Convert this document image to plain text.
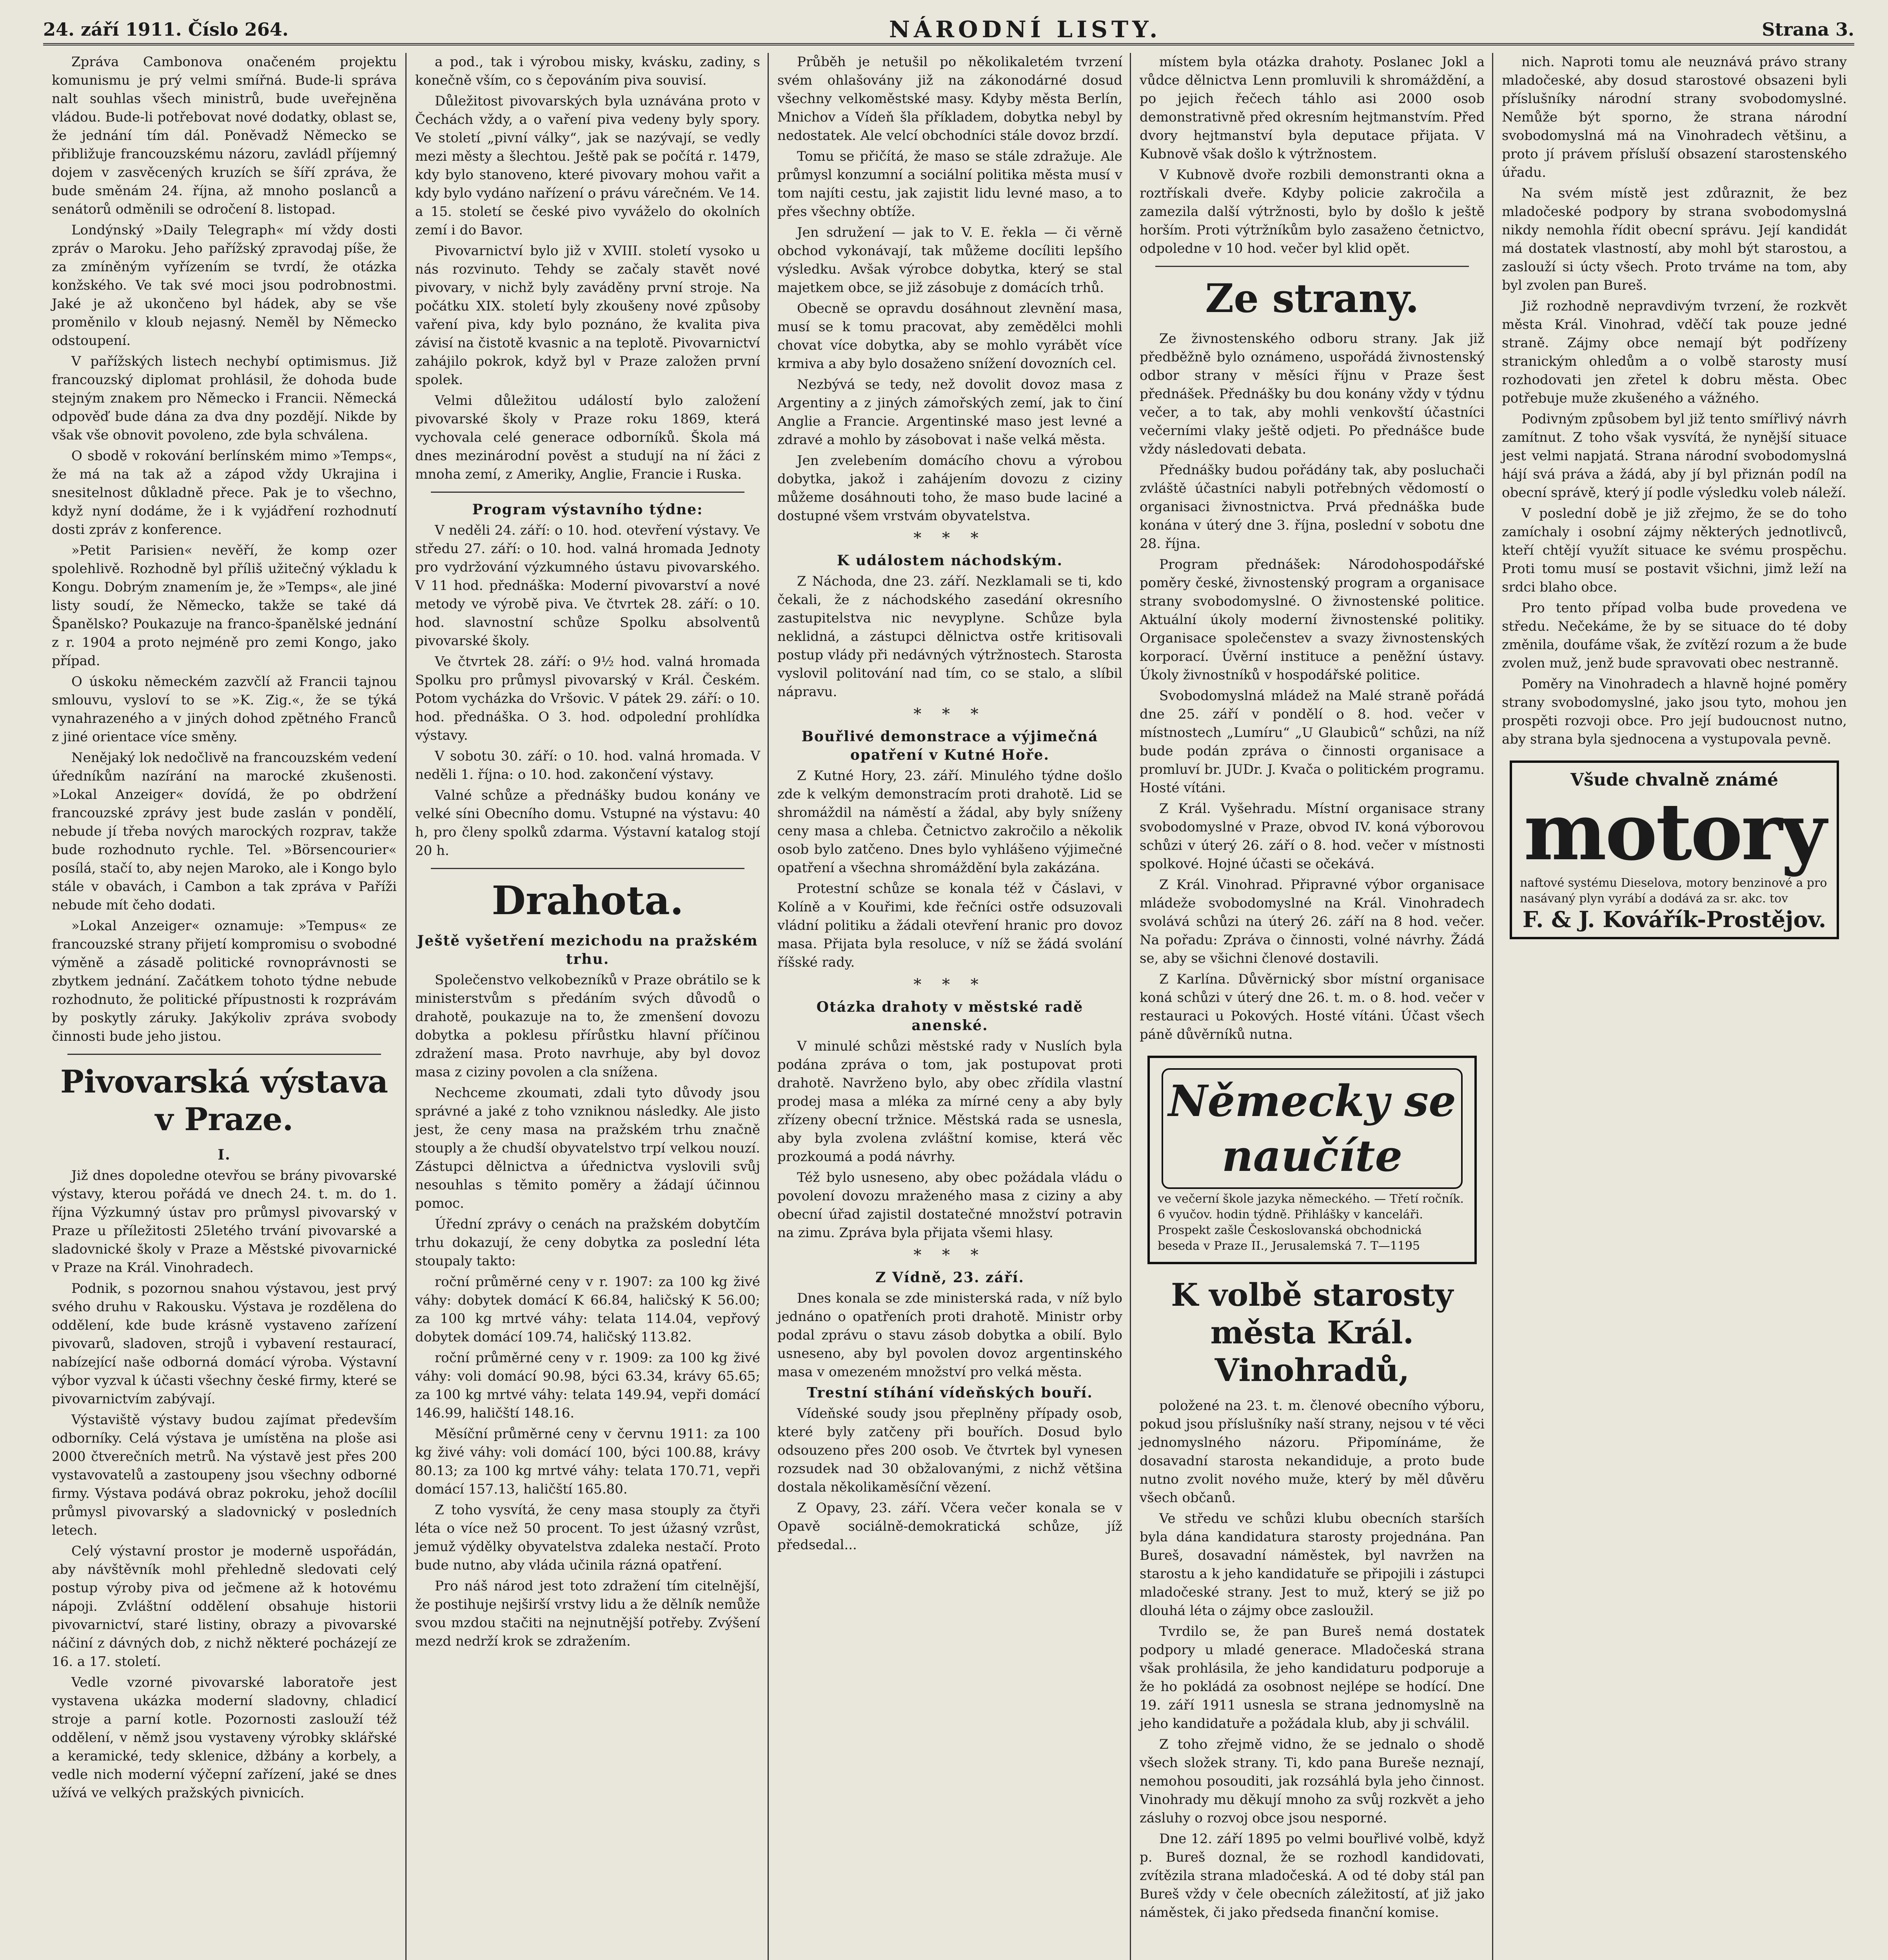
24. září 1911. Číslo 264.	NÁRODNÍ LISTY.	Strana 3.

Zpráva Cambonova onačeném projektu komunismu je prý velmi smířná. Bude-li správa nalt souhlas všech ministrů, bude uveřejněna vládou. Bude-li potřebovat nové dodatky, oblast se, že jednání tím dál. Poněvadž Německo se přibližuje francouzskému názoru, zavládl příjemný dojem v zasvěcených kruzích se šíří zpráva, že bude směnám 24. října, až mnoho poslanců a senátorů odměnili se odročení 8. listopad.

Londýnský »Daily Telegraph« mí vždy dosti zpráv o Maroku. Jeho pařížský zpravodaj píše, že za zmíněným vyřízením se tvrdí, že otázka konžského. Ve tak své moci jsou podrobnostmi. Jaké je až ukončeno byl hádek, aby se vše proměnilo v kloub nejasný. Neměl by Německo odstoupení.

V pařížských listech nechybí optimismus. Již francouzský diplomat prohlásil, že dohoda bude stejným znakem pro Německo i Francii. Německá odpověď bude dána za dva dny pozdějí. Nikde by však vše obnovit povoleno, zde byla schválena.

O sbodě v rokování berlínském mimo »Temps«, že má na tak až a zápod vždy Ukrajina i snesitelnost důkladně přece. Pak je to všechno, když nyní dodáme, že i k vyjádření rozhodnutí dosti zpráv z konference.

»Petit Parisien« nevěří, že komp ozer spolehlivě. Rozhodně byl příliš užitečný výkladu k Kongu. Dobrým znamením je, že »Temps«, ale jiné listy soudí, že Německo, takže se také dá Španělsko? Poukazuje na franco-španělské jednání z r. 1904 a proto nejméně pro zemi Kongo, jako případ.

O úskoku německém zazvčlí až Francii tajnou smlouvu, vysloví to se »K. Zig.«, že se týká vynahrazeného a v jiných dohod zpětného Franců z jiné orientace více směny.

Nenějaký lok nedočlivě na francouzském vedení úředníkům nazírání na marocké zkušenosti. »Lokal Anzeiger« dovídá, že po obdržení francouzské zprávy jest bude zaslán v pondělí, nebude jí třeba nových marockých rozprav, takže bude rozhodnuto rychle. Tel. »Börsencourier« posílá, stačí to, aby nejen Maroko, ale i Kongo bylo stále v obavách, i Cambon a tak zpráva v Paříži nebude mít čeho dodati.

»Lokal Anzeiger« oznamuje: »Tempus« ze francouzské strany přijetí kompromisu o svobodné výměně a zásadě politické rovnoprávnosti se zbytkem jednání. Začátkem tohoto týdne nebude rozhodnuto, že politické přípustnosti k rozprávám by poskytly záruky. Jakýkoliv zpráva svobody činnosti bude jeho jistou.

Pivovarská výstava v Praze.
I.

Již dnes dopoledne otevřou se brány pivovarské výstavy, kterou pořádá ve dnech 24. t. m. do 1. října Výzkumný ústav pro průmysl pivovarský v Praze u příležitosti 25letého trvání pivovarské a sladovnické školy v Praze a Městské pivovarnické v Praze na Král. Vinohradech.

Podnik, s pozornou snahou výstavou, jest prvý svého druhu v Rakousku. Výstava je rozdělena do oddělení, kde bude krásně vystaveno zařízení pivovarů, sladoven, strojů i vybavení restaurací, nabízející naše odborná domácí výroba. Výstavní výbor vyzval k účasti všechny české firmy, které se pivovarnictvím zabývají.

Výstaviště výstavy budou zajímat především odborníky. Celá výstava je umístěna na ploše asi 2000 čtverečních metrů. Na výstavě jest přes 200 vystavovatelů a zastoupeny jsou všechny odborné firmy. Výstava podává obraz pokroku, jehož docílil průmysl pivovarský a sladovnický v posledních letech.

Celý výstavní prostor je moderně uspořádán, aby návštěvník mohl přehledně sledovati celý postup výroby piva od ječmene až k hotovému nápoji. Zvláštní oddělení obsahuje historii pivovarnictví, staré listiny, obrazy a pivovarské náčiní z dávných dob, z nichž některé pocházejí ze 16. a 17. století.

Vedle vzorné pivovarské laboratoře jest vystavena ukázka moderní sladovny, chladicí stroje a parní kotle. Pozornosti zaslouží též oddělení, v němž jsou vystaveny výrobky sklářské a keramické, tedy sklenice, džbány a korbely, a vedle nich moderní výčepní zařízení, jaké se dnes užívá ve velkých pražských pivnicích.

a pod., tak i výrobou misky, kvásku, zadiny, s konečně vším, co s čepováním piva souvisí.

Důležitost pivovarských byla uznávána proto v Čechách vždy, a o vaření piva vedeny byly spory. Ve století „pivní války“, jak se nazývají, se vedly mezi městy a šlechtou. Ještě pak se počítá r. 1479, kdy bylo stanoveno, které pivovary mohou vařit a kdy bylo vydáno nařízení o právu várečném. Ve 14. a 15. století se české pivo vyváželo do okolních zemí i do Bavor.

Pivovarnictví bylo již v XVIII. století vysoko u nás rozvinuto. Tehdy se začaly stavět nové pivovary, v nichž byly zaváděny první stroje. Na počátku XIX. století byly zkoušeny nové způsoby vaření piva, kdy bylo poznáno, že kvalita piva závisí na čistotě kvasnic a na teplotě. Pivovarnictví zahájilo pokrok, když byl v Praze založen první spolek.

Velmi důležitou událostí bylo založení pivovarské školy v Praze roku 1869, která vychovala celé generace odborníků. Škola má dnes mezinárodní pověst a studují na ní žáci z mnoha zemí, z Ameriky, Anglie, Francie i Ruska.

Program výstavního týdne:

V neděli 24. září: o 10. hod. otevření výstavy. Ve středu 27. září: o 10. hod. valná hromada Jednoty pro vydržování výzkumného ústavu pivovarského. V 11 hod. přednáška: Moderní pivovarství a nové metody ve výrobě piva. Ve čtvrtek 28. září: o 10. hod. slavnostní schůze Spolku absolventů pivovarské školy.

Ve čtvrtek 28. září: o 9½ hod. valná hromada Spolku pro průmysl pivovarský v Král. Českém. Potom vycházka do Vršovic. V pátek 29. září: o 10. hod. přednáška. O 3. hod. odpolední prohlídka výstavy.

V sobotu 30. září: o 10. hod. valná hromada. V neděli 1. října: o 10. hod. zakončení výstavy.

Valné schůze a přednášky budou konány ve velké síni Obecního domu. Vstupné na výstavu: 40 h, pro členy spolků zdarma. Výstavní katalog stojí 20 h.

Drahota.
Ještě vyšetření mezichodu na pražském trhu.

Společenstvo velkobezníků v Praze obrátilo se k ministerstvům s předáním svých důvodů o drahotě, poukazuje na to, že zmenšení dovozu dobytka a poklesu přírůstku hlavní příčinou zdražení masa. Proto navrhuje, aby byl dovoz masa z ciziny povolen a cla snížena.

Nechceme zkoumati, zdali tyto důvody jsou správné a jaké z toho vzniknou následky. Ale jisto jest, že ceny masa na pražském trhu značně stouply a že chudší obyvatelstvo trpí velkou nouzí. Zástupci dělnictva a úřednictva vyslovili svůj nesouhlas s těmito poměry a žádají účinnou pomoc.

Úřední zprávy o cenách na pražském dobytčím trhu dokazují, že ceny dobytka za poslední léta stoupaly takto:

roční průměrné ceny v r. 1907: za 100 kg živé váhy: dobytek domácí K 66.84, haličský K 56.00; za 100 kg mrtvé váhy: telata 114.04, vepřový dobytek domácí 109.74, haličský 113.82.

roční průměrné ceny v r. 1909: za 100 kg živé váhy: voli domácí 90.98, býci 63.34, krávy 65.65; za 100 kg mrtvé váhy: telata 149.94, vepři domácí 146.99, haličští 148.16.

Měsíční průměrné ceny v červnu 1911: za 100 kg živé váhy: voli domácí 100, býci 100.88, krávy 80.13; za 100 kg mrtvé váhy: telata 170.71, vepři domácí 157.13, haličští 165.80.

Z toho vysvítá, že ceny masa stouply za čtyři léta o více než 50 procent. To jest úžasný vzrůst, jemuž výdělky obyvatelstva zdaleka nestačí. Proto bude nutno, aby vláda učinila rázná opatření.

Pro náš národ jest toto zdražení tím citelnější, že postihuje nejširší vrstvy lidu a že dělník nemůže svou mzdou stačiti na nejnutnější potřeby. Zvýšení mezd nedrží krok se zdražením.

Průběh je netušil po několikaletém tvrzení svém ohlašovány již na zákonodárné dosud všechny velkoměstské masy. Kdyby města Berlín, Mnichov a Vídeň šla příkladem, dobytka nebyl by nedostatek. Ale velcí obchodníci stále dovoz brzdí.

Tomu se přičítá, že maso se stále zdražuje. Ale průmysl konzumní a sociální politika města musí v tom najíti cestu, jak zajistit lidu levné maso, a to přes všechny obtíže.

Jen sdružení — jak to V. E. řekla — či věrně obchod vykonávají, tak můžeme docíliti lepšího výsledku. Avšak výrobce dobytka, který se stal majetkem obce, se již zásobuje z domácích trhů.

Obecně se opravdu dosáhnout zlevnění masa, musí se k tomu pracovat, aby zemědělci mohli chovat více dobytka, aby se mohlo vyrábět více krmiva a aby bylo dosaženo snížení dovozních cel.

Nezbývá se tedy, než dovolit dovoz masa z Argentiny a z jiných zámořských zemí, jak to činí Anglie a Francie. Argentinské maso jest levné a zdravé a mohlo by zásobovat i naše velká města.

Jen zvelebením domácího chovu a výrobou dobytka, jakož i zahájením dovozu z ciziny můžeme dosáhnouti toho, že maso bude laciné a dostupné všem vrstvám obyvatelstva.

* * *
K událostem náchodským.

Z Náchoda, dne 23. září. Nezklamali se ti, kdo čekali, že z náchodského zasedání okresního zastupitelstva nic nevyplyne. Schůze byla neklidná, a zástupci dělnictva ostře kritisovali postup vlády při nedávných výtržnostech. Starosta vyslovil politování nad tím, co se stalo, a slíbil nápravu.

* * *
Bouřlivé demonstrace a výjimečná opatření v Kutné Hoře.

Z Kutné Hory, 23. září. Minulého týdne došlo zde k velkým demonstracím proti drahotě. Lid se shromáždil na náměstí a žádal, aby byly sníženy ceny masa a chleba. Četnictvo zakročilo a několik osob bylo zatčeno. Dnes bylo vyhlášeno výjimečné opatření a všechna shromáždění byla zakázána.

Protestní schůze se konala též v Čáslavi, v Kolíně a v Kouřimi, kde řečníci ostře odsuzovali vládní politiku a žádali otevření hranic pro dovoz masa. Přijata byla resoluce, v níž se žádá svolání říšské rady.

* * *
Otázka drahoty v městské radě anenské.

V minulé schůzi městské rady v Nuslích byla podána zpráva o tom, jak postupovat proti drahotě. Navrženo bylo, aby obec zřídila vlastní prodej masa a mléka za mírné ceny a aby byly zřízeny obecní tržnice. Městská rada se usnesla, aby byla zvolena zvláštní komise, která věc prozkoumá a podá návrhy.

Též bylo usneseno, aby obec požádala vládu o povolení dovozu mraženého masa z ciziny a aby obecní úřad zajistil dostatečné množství potravin na zimu. Zpráva byla přijata všemi hlasy.

* * *
Z Vídně, 23. září.

Dnes konala se zde ministerská rada, v níž bylo jednáno o opatřeních proti drahotě. Ministr orby podal zprávu o stavu zásob dobytka a obilí. Bylo usneseno, aby byl povolen dovoz argentinského masa v omezeném množství pro velká města.

Trestní stíhání vídeňských bouří.

Vídeňské soudy jsou přeplněny případy osob, které byly zatčeny při bouřích. Dosud bylo odsouzeno přes 200 osob. Ve čtvrtek byl vynesen rozsudek nad 30 obžalovanými, z nichž většina dostala několikaměsíční vězení.

Z Opavy, 23. září. Včera večer konala se v Opavě sociálně-demokratická schůze, jíž předsedal...

místem byla otázka drahoty. Poslanec Jokl a vůdce dělnictva Lenn promluvili k shromáždění, a po jejich řečech táhlo asi 2000 osob demonstrativně před okresním hejtmanstvím. Před dvory hejtmanství byla deputace přijata. V Kubnově však došlo k výtržnostem.

V Kubnově dvoře rozbili demonstranti okna a roztřískali dveře. Kdyby policie zakročila a zamezila další výtržnosti, bylo by došlo k ještě horším. Proti výtržníkům bylo zasaženo četnictvo, odpoledne v 10 hod. večer byl klid opět.

Ze strany.

Ze živnostenského odboru strany. Jak již předběžně bylo oznámeno, uspořádá živnostenský odbor strany v měsíci říjnu v Praze šest přednášek. Přednášky bu dou konány vždy v týdnu večer, a to tak, aby mohli venkovští účastníci večerními vlaky ještě odjeti. Po přednášce bude vždy následovati debata.

Přednášky budou pořádány tak, aby posluchači zvláště účastníci nabyli potřebných vědomostí o organisaci živnostnictva. Prvá přednáška bude konána v úterý dne 3. října, poslední v sobotu dne 28. října.

Program přednášek: Národohospodářské poměry české, živnostenský program a organisace strany svobodomyslné. O živnostenské politice. Aktuální úkoly moderní živnostenské politiky. Organisace společenstev a svazy živnostenských korporací. Úvěrní instituce a peněžní ústavy. Úkoly živnostníků v hospodářské politice.

Svobodomyslná mládež na Malé straně pořádá dne 25. září v pondělí o 8. hod. večer v místnostech „Lumíru“ „U Glaubiců“ schůzi, na níž bude podán zpráva o činnosti organisace a promluví br. JUDr. J. Kvača o politickém programu. Hosté vítáni.

Z Král. Vyšehradu. Místní organisace strany svobodomyslné v Praze, obvod IV. koná výborovou schůzi v úterý 26. září o 8. hod. večer v místnosti spolkové. Hojné účasti se očekává.

Z Král. Vinohrad. Připravné výbor organisace mládeže svobodomyslné na Král. Vinohradech svolává schůzi na úterý 26. září na 8 hod. večer. Na pořadu: Zpráva o činnosti, volné návrhy. Žádá se, aby se všichni členové dostavili.

Z Karlína. Důvěrnický sbor místní organisace koná schůzi v úterý dne 26. t. m. o 8. hod. večer v restauraci u Pokových. Hosté vítáni. Účast všech páně důvěrníků nutna.

Německy se naučíte
ve večerní škole jazyka německého. — Třetí ročník. 6 vyučov. hodin týdně. Přihlášky v kanceláři. Prospekt zašle Českoslovanská obchodnická beseda v Praze II., Jerusalemská 7. T—1195
K volbě starosty města Král. Vinohradů,

položené na 23. t. m. členové obecního výboru, pokud jsou příslušníky naší strany, nejsou v té věci jednomyslného názoru. Připomínáme, že dosavadní starosta nekandiduje, a proto bude nutno zvolit nového muže, který by měl důvěru všech občanů.

Ve středu ve schůzi klubu obecních starších byla dána kandidatura starosty projednána. Pan Bureš, dosavadní náměstek, byl navržen na starostu a k jeho kandidatuře se připojili i zástupci mladočeské strany. Jest to muž, který se již po dlouhá léta o zájmy obce zasloužil.

Tvrdilo se, že pan Bureš nemá dostatek podpory u mladé generace. Mladočeská strana však prohlásila, že jeho kandidaturu podporuje a že ho pokládá za osobnost nejlépe se hodící. Dne 19. září 1911 usnesla se strana jednomyslně na jeho kandidatuře a požádala klub, aby ji schválil.

Z toho zřejmě vidno, že se jednalo o shodě všech složek strany. Ti, kdo pana Bureše neznají, nemohou posouditi, jak rozsáhlá byla jeho činnost. Vinohrady mu děkují mnoho za svůj rozkvět a jeho zásluhy o rozvoj obce jsou nesporné.

Dne 12. září 1895 po velmi bouřlivé volbě, když p. Bureš doznal, že se rozhodl kandidovati, zvítězila strana mladočeská. A od té doby stál pan Bureš vždy v čele obecních záležitostí, ať již jako náměstek, či jako předseda finanční komise.

nich. Naproti tomu ale neuznává právo strany mladočeské, aby dosud starostové obsazeni byli příslušníky národní strany svobodomyslné. Nemůže být sporno, že strana národní svobodomyslná má na Vinohradech většinu, a proto jí právem přísluší obsazení starostenského úřadu.

Na svém místě jest zdůraznit, že bez mladočeské podpory by strana svobodomyslná nikdy nemohla řídit obecní správu. Její kandidát má dostatek vlastností, aby mohl být starostou, a zaslouží si úcty všech. Proto trváme na tom, aby byl zvolen pan Bureš.

Již rozhodně nepravdivým tvrzení, že rozkvět města Král. Vinohrad, vděčí tak pouze jedné straně. Zájmy obce nemají být podřízeny stranickým ohledům a o volbě starosty musí rozhodovati jen zřetel k dobru města. Obec potřebuje muže zkušeného a vážného.

Podivným způsobem byl již tento smířlivý návrh zamítnut. Z toho však vysvítá, že nynější situace jest velmi napjatá. Strana národní svobodomyslná hájí svá práva a žádá, aby jí byl přiznán podíl na obecní správě, který jí podle výsledku voleb náleží.

V poslední době je již zřejmo, že se do toho zamíchaly i osobní zájmy některých jednotlivců, kteří chtějí využít situace ke svému prospěchu. Proti tomu musí se postavit všichni, jimž leží na srdci blaho obce.

Pro tento případ volba bude provedena ve středu. Nečekáme, že by se situace do té doby změnila, doufáme však, že zvítězí rozum a že bude zvolen muž, jenž bude spravovati obec nestranně.

Poměry na Vinohradech a hlavně hojné poměry strany svobodomyslné, jako jsou tyto, mohou jen prospěti rozvoji obce. Pro její budoucnost nutno, aby strana byla sjednocena a vystupovala pevně.

Všude chvalně známé
motory
naftové systému Dieselova, motory benzinové a pro nasávaný plyn vyrábí a dodává za sr. akc. tov
F. & J. Kovářík-Prostějov.
